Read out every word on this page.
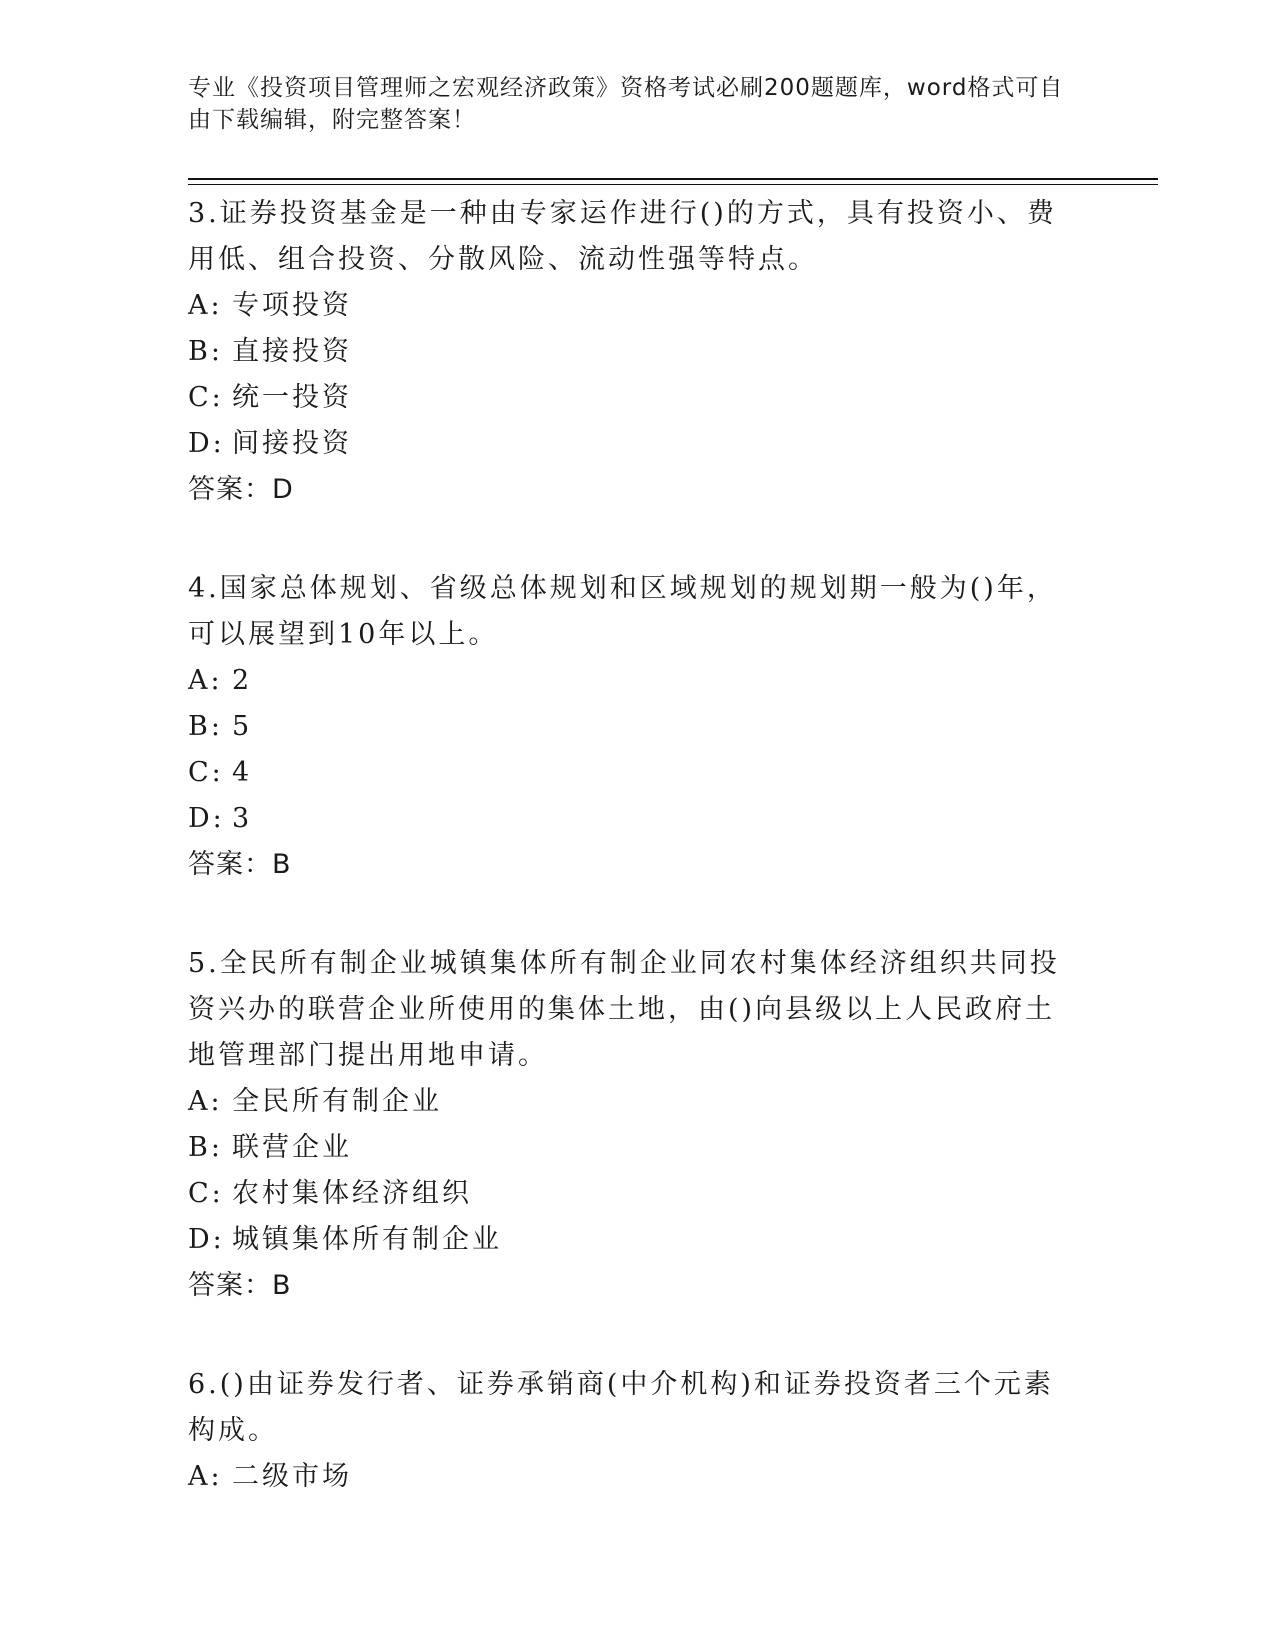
专业《投资项目管理师之宏观经济政策》资格考试必刷200题题库，word格式可自由下载编辑，附完整答案！

3.证券投资基金是一种由专家运作进行()的方式，具有投资小、费用低、组合投资、分散风险、流动性强等特点。

A: 专项投资
B: 直接投资
C: 统一投资
D: 间接投资
答案：D

4.国家总体规划、省级总体规划和区域规划的规划期一般为()年，可以展望到10年以上。

A: 2
B: 5
C: 4
D: 3
答案：B

5.全民所有制企业城镇集体所有制企业同农村集体经济组织共同投资兴办的联营企业所使用的集体土地，由()向县级以上人民政府土地管理部门提出用地申请。

A: 全民所有制企业
B: 联营企业
C: 农村集体经济组织
D: 城镇集体所有制企业
答案：B

6.()由证券发行者、证券承销商(中介机构)和证券投资者三个元素构成。

A: 二级市场
